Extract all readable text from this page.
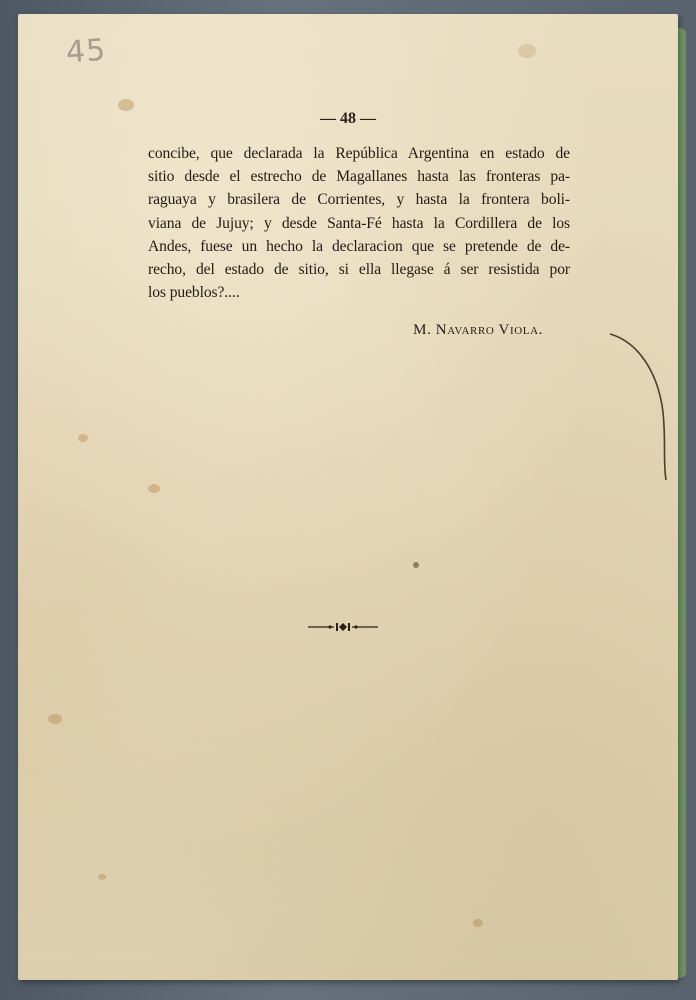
45
— 48 —
concibe, que declarada la República Argentina en estado de
sitio desde el estrecho de Magallanes hasta las fronteras pa-
raguaya y brasilera de Corrientes, y hasta la frontera boli-
viana de Jujuy; y desde Santa-Fé hasta la Cordillera de los
Andes, fuese un hecho la declaracion que se pretende de de-
recho, del estado de sitio, si ella llegase á ser resistida por
los pueblos?....
M. Navarro Viola.
